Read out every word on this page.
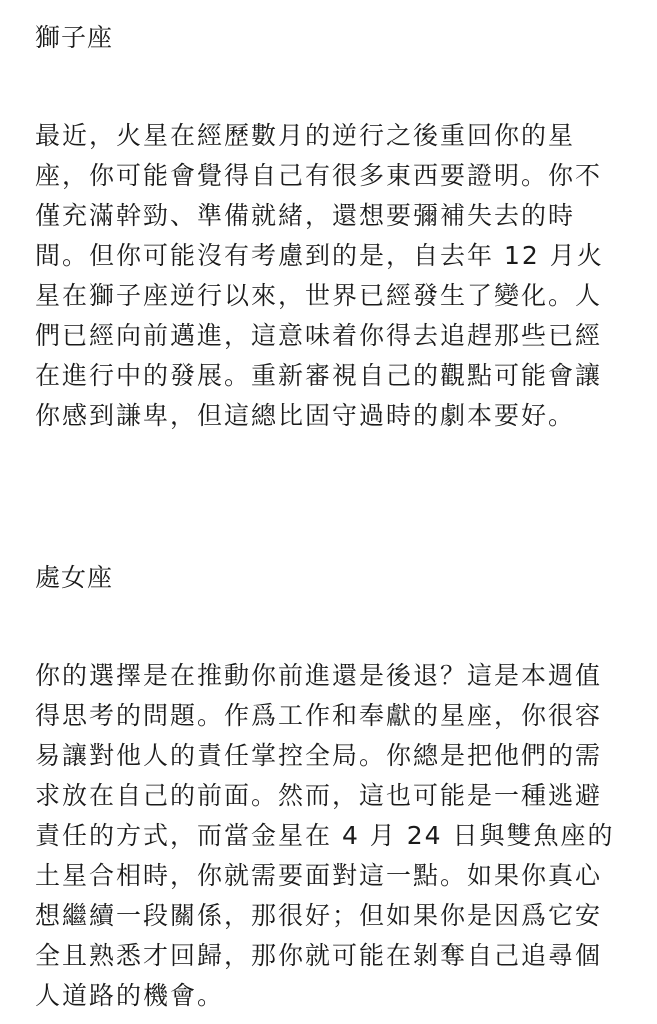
獅子座

最近，火星在經歷數月的逆行之後重回你的星
座，你可能會覺得自己有很多東西要證明。你不
僅充滿幹勁、準備就緒，還想要彌補失去的時
間。但你可能沒有考慮到的是，自去年 12 月火
星在獅子座逆行以來，世界已經發生了變化。人
們已經向前邁進，這意味着你得去追趕那些已經
在進行中的發展。重新審視自己的觀點可能會讓
你感到謙卑，但這總比固守過時的劇本要好。

處女座

你的選擇是在推動你前進還是後退？這是本週值
得思考的問題。作爲工作和奉獻的星座，你很容
易讓對他人的責任掌控全局。你總是把他們的需
求放在自己的前面。然而，這也可能是一種逃避
責任的方式，而當金星在 4 月 24 日與雙魚座的
土星合相時，你就需要面對這一點。如果你真心
想繼續一段關係，那很好；但如果你是因爲它安
全且熟悉才回歸，那你就可能在剝奪自己追尋個
人道路的機會。
